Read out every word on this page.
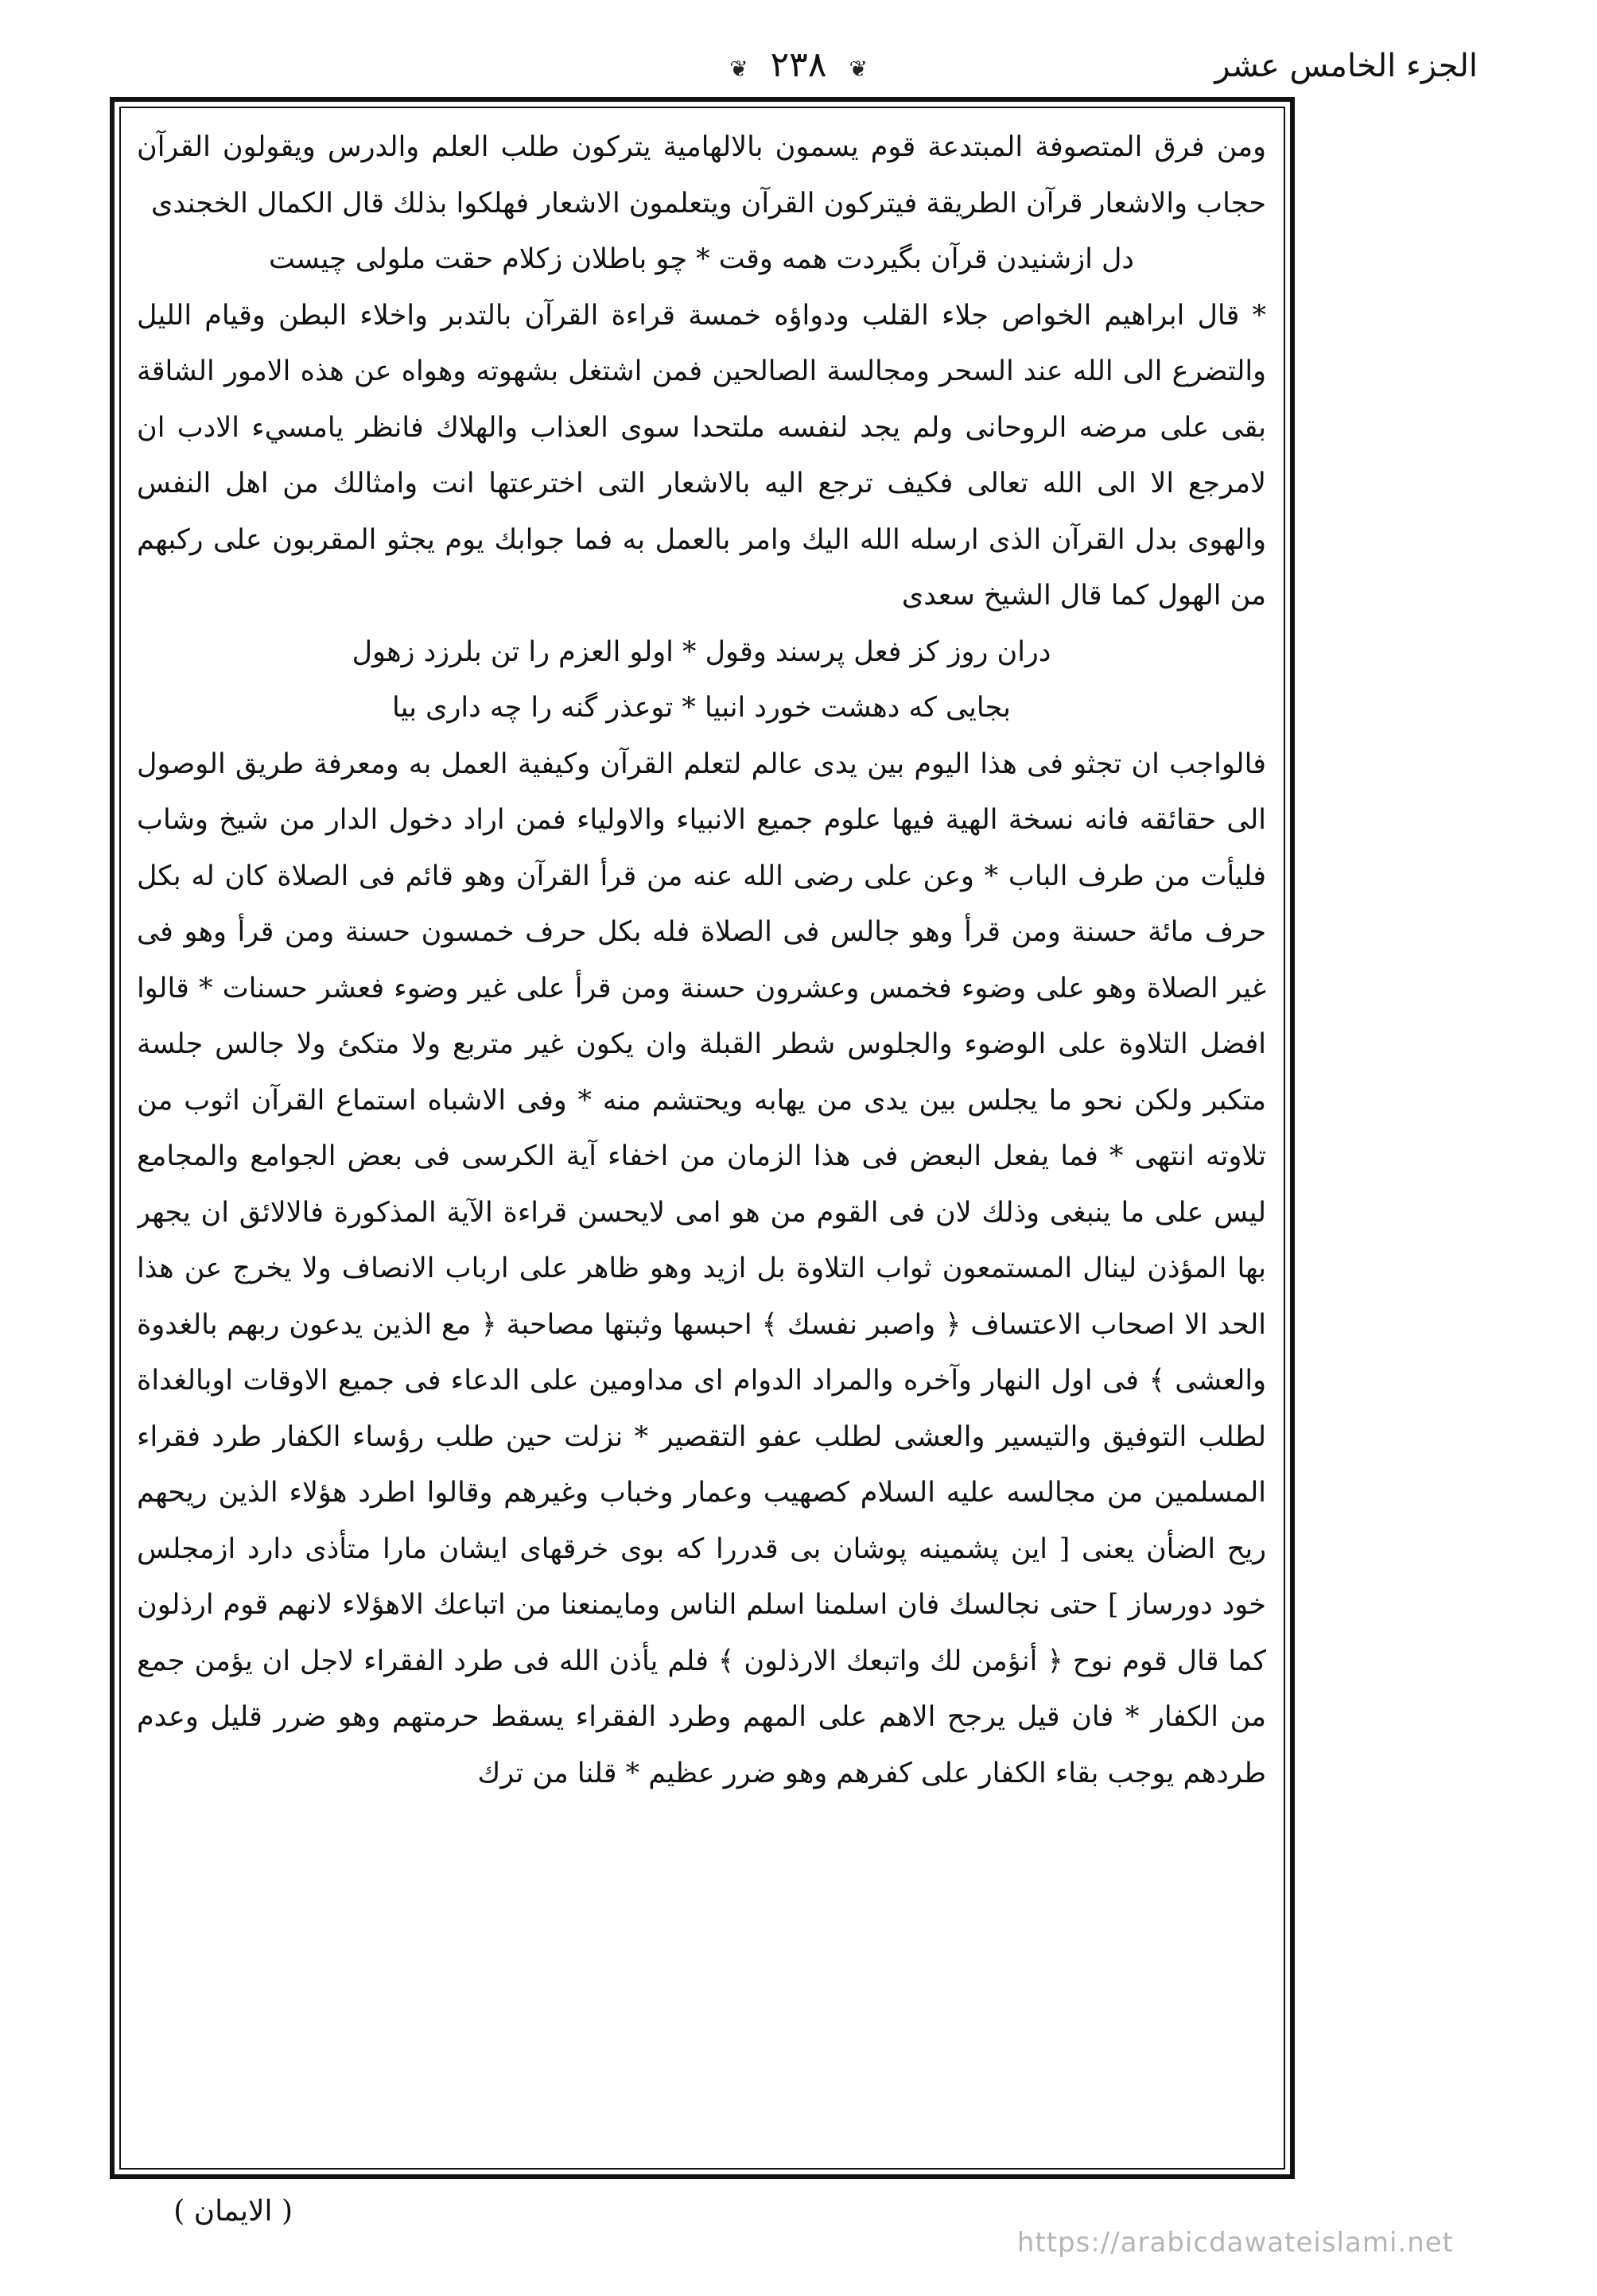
الجزء الخامس عشر
❦ ٢٣٨ ❦

ومن فرق المتصوفة المبتدعة قوم يسمون بالالهامية يتركون طلب العلم والدرس ويقولون القرآن حجاب والاشعار قرآن الطريقة فيتركون القرآن ويتعلمون الاشعار فهلكوا بذلك قال الكمال الخجندى

دل ازشنيدن قرآن بگيردت همه وقت * چو باطلان زكلام حقت ملولى چيست

* قال ابراهيم الخواص جلاء القلب ودواؤه خمسة قراءة القرآن بالتدبر واخلاء البطن وقيام الليل والتضرع الى الله عند السحر ومجالسة الصالحين فمن اشتغل بشهوته وهواه عن هذه الامور الشاقة بقى على مرضه الروحانى ولم يجد لنفسه ملتحدا سوى العذاب والهلاك فانظر يامسيء الادب ان لامرجع الا الى الله تعالى فكيف ترجع اليه بالاشعار التى اخترعتها انت وامثالك من اهل النفس والهوى بدل القرآن الذى ارسله الله اليك وامر بالعمل به فما جوابك يوم يجثو المقربون على ركبهم من الهول كما قال الشيخ سعدى

دران روز كز فعل پرسند وقول * اولو العزم را تن بلرزد زهول

بجايى كه دهشت خورد انبيا * توعذر گنه را چه دارى بيا

فالواجب ان تجثو فى هذا اليوم بين يدى عالم لتعلم القرآن وكيفية العمل به ومعرفة طريق الوصول الى حقائقه فانه نسخة الهية فيها علوم جميع الانبياء والاولياء فمن اراد دخول الدار من شيخ وشاب فليأت من طرف الباب * وعن على رضى الله عنه من قرأ القرآن وهو قائم فى الصلاة كان له بكل حرف مائة حسنة ومن قرأ وهو جالس فى الصلاة فله بكل حرف خمسون حسنة ومن قرأ وهو فى غير الصلاة وهو على وضوء فخمس وعشرون حسنة ومن قرأ على غير وضوء فعشر حسنات * قالوا افضل التلاوة على الوضوء والجلوس شطر القبلة وان يكون غير متربع ولا متكئ ولا جالس جلسة متكبر ولكن نحو ما يجلس بين يدى من يهابه ويحتشم منه * وفى الاشباه استماع القرآن اثوب من تلاوته انتهى * فما يفعل البعض فى هذا الزمان من اخفاء آية الكرسى فى بعض الجوامع والمجامع ليس على ما ينبغى وذلك لان فى القوم من هو امى لايحسن قراءة الآية المذكورة فالالائق ان يجهر بها المؤذن لينال المستمعون ثواب التلاوة بل ازيد وهو ظاهر على ارباب الانصاف ولا يخرج عن هذا الحد الا اصحاب الاعتساف ﴿ واصبر نفسك ﴾ احبسها وثبتها مصاحبة ﴿ مع الذين يدعون ربهم بالغدوة والعشى ﴾ فى اول النهار وآخره والمراد الدوام اى مداومين على الدعاء فى جميع الاوقات اوبالغداة لطلب التوفيق والتيسير والعشى لطلب عفو التقصير * نزلت حين طلب رؤساء الكفار طرد فقراء المسلمين من مجالسه عليه السلام كصهيب وعمار وخباب وغيرهم وقالوا اطرد هؤلاء الذين ريحهم ريح الضأن يعنى [ اين پشمينه پوشان بى قدررا كه بوى خرقهاى ايشان مارا متأذى دارد ازمجلس خود دورساز ] حتى نجالسك فان اسلمنا اسلم الناس ومايمنعنا من اتباعك الاهؤلاء لانهم قوم ارذلون كما قال قوم نوح ﴿ أنؤمن لك واتبعك الارذلون ﴾ فلم يأذن الله فى طرد الفقراء لاجل ان يؤمن جمع من الكفار * فان قيل يرجح الاهم على المهم وطرد الفقراء يسقط حرمتهم وهو ضرر قليل وعدم طردهم يوجب بقاء الكفار على كفرهم وهو ضرر عظيم * قلنا من ترك

( الايمان )
https://arabicdawateislami.net
